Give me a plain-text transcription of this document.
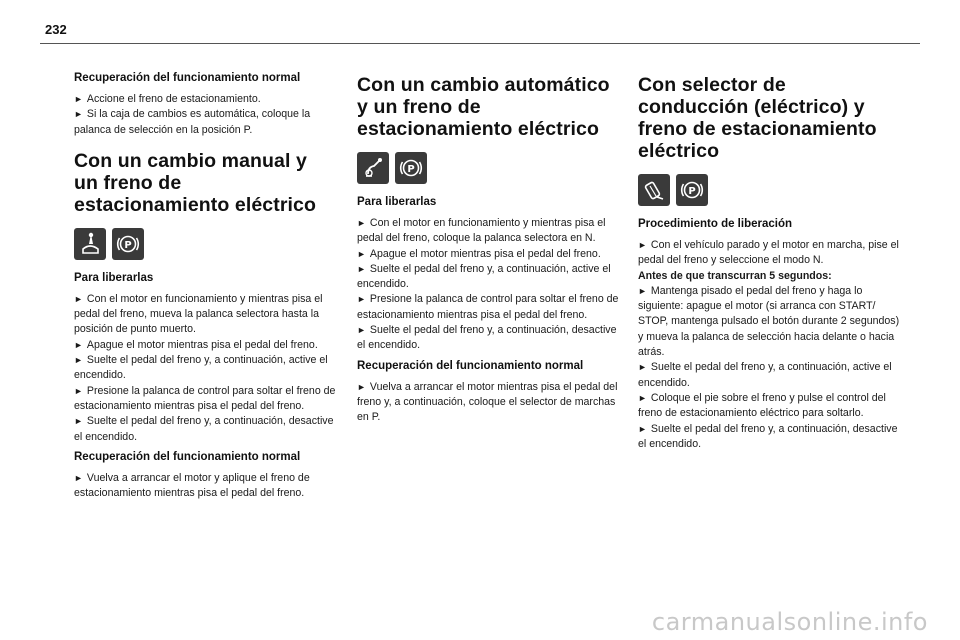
232
Recuperación del funcionamiento normal

► Accione el freno de estacionamiento.
► Si la caja de cambios es automática, coloque la palanca de selección en la posición P.

Con un cambio manual y un freno de estacionamiento eléctrico
P
Para liberarlas

► Con el motor en funcionamiento y mientras pisa el pedal del freno, mueva la palanca selectora hasta la posición de punto muerto.
► Apague el motor mientras pisa el pedal del freno.
► Suelte el pedal del freno y, a continuación, active el encendido.
► Presione la palanca de control para soltar el freno de estacionamiento mientras pisa el pedal del freno.
► Suelte el pedal del freno y, a continuación, desactive el encendido.

Recuperación del funcionamiento normal

► Vuelva a arrancar el motor y aplique el freno de estacionamiento mientras pisa el pedal del freno.

Con un cambio automático y un freno de estacionamiento eléctrico
P
Para liberarlas

► Con el motor en funcionamiento y mientras pisa el pedal del freno, coloque la palanca selectora en N.
► Apague el motor mientras pisa el pedal del freno.
► Suelte el pedal del freno y, a continuación, active el encendido.
► Presione la palanca de control para soltar el freno de estacionamiento mientras pisa el pedal del freno.
► Suelte el pedal del freno y, a continuación, desactive el encendido.

Recuperación del funcionamiento normal

► Vuelva a arrancar el motor mientras pisa el pedal del freno y, a continuación, coloque el selector de marchas en P.

Con selector de conducción (eléctrico) y freno de estacionamiento eléctrico
P
Procedimiento de liberación

► Con el vehículo parado y el motor en marcha, pise el pedal del freno y seleccione el modo N.
Antes de que transcurran 5 segundos:
► Mantenga pisado el pedal del freno y haga lo siguiente: apague el motor (si arranca con START/ STOP, mantenga pulsado el botón durante 2 segundos) y mueva la palanca de selección hacia delante o hacia atrás.
► Suelte el pedal del freno y, a continuación, active el encendido.
► Coloque el pie sobre el freno y pulse el control del freno de estacionamiento eléctrico para soltarlo.
► Suelte el pedal del freno y, a continuación, desactive el encendido.

carmanualsonline.info
